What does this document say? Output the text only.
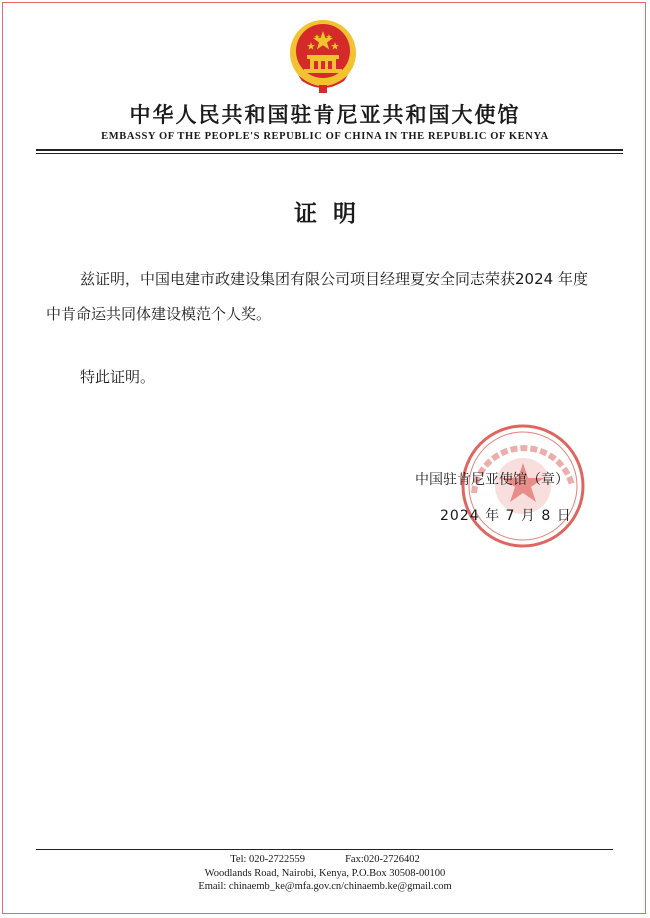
中华人民共和国驻肯尼亚共和国大使馆
EMBASSY OF THE PEOPLE'S REPUBLIC OF CHINA IN THE REPUBLIC OF KENYA
证明
兹证明，中国电建市政建设集团有限公司项目经理夏安全同志荣获2024 年度中肯命运共同体建设模范个人奖。
特此证明。
中国驻肯尼亚使馆（章）
2024 年 7 月 8 日
Tel: 020-2722559	Fax:020-2726402
Woodlands Road, Nairobi, Kenya, P.O.Box 30508-00100
Email: chinaemb_ke@mfa.gov.cn/chinaemb.ke@gmail.com
